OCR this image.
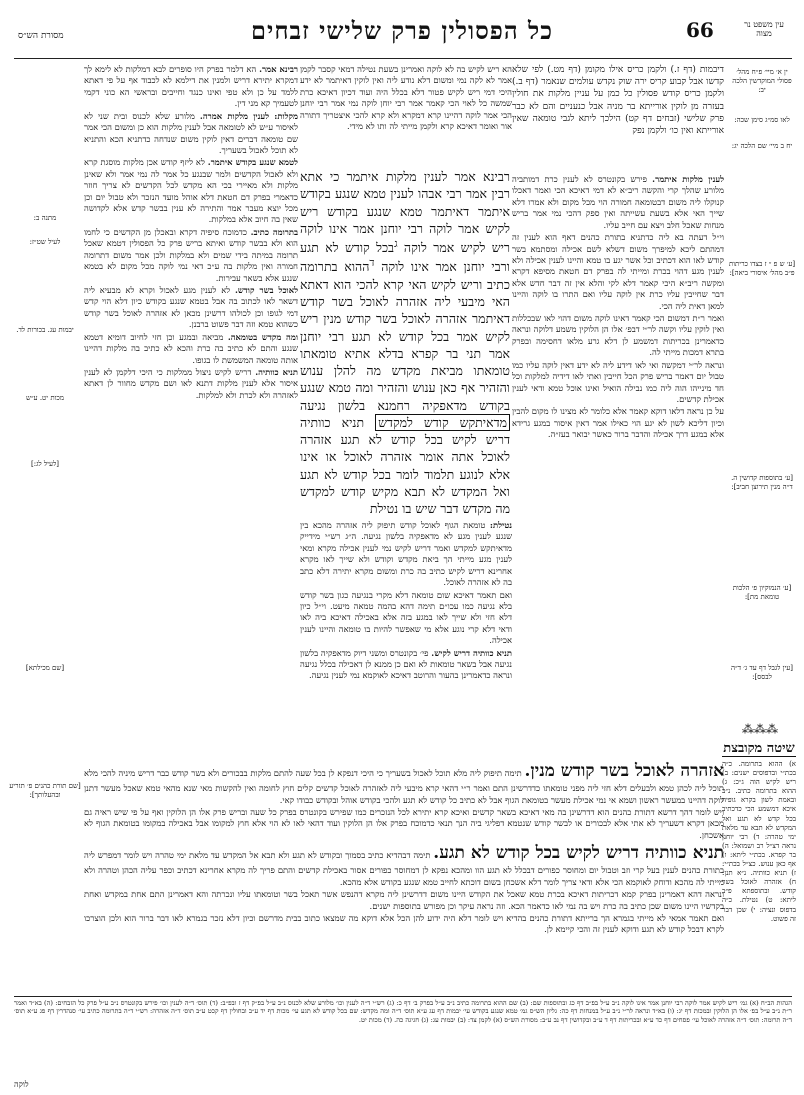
מסורת הש״ס	כל הפסולין פרק שלישי זבחים	66	עין משפט נר מצוה

רבינא אמר. הא דלמר בפרק היו סופרים לבא דמלקות לא לימא לך דמקרא יתירא דריש ולמנין את דילמא לא לכבוד אף על פי דאתא ללמד על כן ולא טפי ואינו כנגד וחייבים ובראשי הא כוני דקמי לטעמיך קא מני דין.

מקלות: לענין מלקות אמרה. מלורע שלא לכנוס ובית שני לא לאיסור ע״ש לא לטומאה אבל לענין מלקות הוא כן ומשום הכי אמר שם טומאה דברים דאין לוקין משום שנדחה כדתניא הכא והתניא לא תוכל לאכול בשעריך.

לטמא שנגע בקודש איתמר. לא ליזף קודש אכן מלקות מוסגת קרא ולא לאכול הקדשים ולמר שבנגע כל אמר לה נמי אמר ולא שאינן מלקות ולא מאיירי בכי הא מקדש לכל הקדשים לא צריך חוזר כדאמרי בפרק דם חטאת דלא אוהל מועד הנזכר ולא טבול יום וכן מכל יוצא מעבר אמר והתירה לא ענין בבשר קדש אלא לקדושה שאין בה חיוב אלא במלקות.

בתרומה כתיב. כדמוכח סיפיה דקרא ובאכלן מן הקדשים כי לחמו הוא ולא בבשר קודש ואיתא בריש פרק כל הפסולין דטמא שאכל תרומה במיתה בידי שמים ולא במלקות ולכן אמר משום דתרומה חמורה ואין מלקות בה ע״כ דאי נמי לוקה מכל מקום לא בטמא שנגע אלא בשאר עבירות.

לאוכל בשר קודש. לא לענין מגע לאכול וקרא לא מבעיא ליה דשאר לאו לכתוב בה אבל בטמא שנגע בקודש כיון דלא הוי קדש דמי לגופו וכן לכולהו דרשינן מכאן לא אזהרה לאוכל בשר קודש כשהוא טמא וזה דבר פשוט ברבנן.

ומה מקדש בטומאה. מביאה ובמגע וכן חזי לחיוב דומיא דטמא שנגע והתם לא כתיב בה כרת והכא לא כתיב בה מלקות דהיינו אותה טומאה המשמשת לו בגופו.

תניא כוותיה. דריש לקיש ניצול ממלקות כי היכי דלקמן לא לענין איסור אלא לענין מלקות דתנא לאו ושם מקדש מחוור לן דאתא לאזהרה ולא לכרת ולא למלקות.

הא ריש לקיש בה לא לוקה ואמרינן בשעת נטילה דמאי קסבר לקמן אמר לא לקה נמי ומשום דלא נודע ליה ואין לוקין דאיתמר לא ידע היכי דמי ריש לקיש פטור דלא בכלל היה ועוד דכיון דאיכא כרת שמשה כל לאוי הכי קאמר אמר רבי יוחן לוקה נמי אמר רבי יוחנן הכי אמר לוקה דהיינו קרא דמקרא ולא קרא להכי איצטריך דתורה אור ואומר דאיכא קרא ולקמן מייתי לה ותו לא מידי.
דיבמות (דף ז.) ולקמן כריס אילו מקומן (דף מט.) לפי שלא קדשו אבל קבוע קריס ירה שוק נקדש עולמים שנאמר (דף ב.) ולקמן כריס קודש פסולין כל כמן על עניין מלקות את חולין בעזרה מן לוקין אורייתא בר מניה אבל כנעניים והם לא כבר פרק שלישי (זבחים דף קט) הילכך ליתא לגבי טומאה שאין אורייתא ואין כו׳ ולקמן נפק

לענין מלקות איתמר. פירש בקונטרס לא לענין כרת דמותביה מלורע שהלך קרי והקשה ריב״א לא דמי דאיכא הכי ואמר דאכלו קנוקלו ליה משום דבטומאה חמורה הוי מכל מקום ולא אמרו דלא שייך האי אלא בשעת עשייתה ואין ספק דהכי נמי אמר בריש מנחות שאכל חלב ויצא עם חייב עליו.

וי״ל דעתה בא ליה כדתניא בתורת כהנים דאף הוא לענין זה דמהתם ליכא למיפרך משום דשלא לשם אכילה ומסתמא בשר קודש לאו הוא דכתיב וכל אשר יגע בו טמא והיינו לענין אכילה ולא לענין מגע דהוי בכרת ומייתי לה בפרק דם חטאת מסיפא דקרא ומקשה ריב״א היכי קאמר דלא לקי והלא אין זה דבר חדש אלא דבר שחייבין עליו כרת אין לוקה עליו ואם התרו בו לוקה והיינו למאן דאית ליה הכי.

ואמר ר״ת דמשום הכי קאמר דאינו לוקה משום דהוי לאו שבכללות ואין לוקין עליו וקשה לר״י דבפ׳ אלו הן הלוקין משמע דלוקה ונראה כדאמרינן בכריתות דמשמע לן דלא גרע מלאו דחסימה ובפרק בתרא דמכות מייתי לה.

ונראה לר״י דמקשה ואי לאו דידע ליה לא ידע דאין לוקה עליו כמו טבול יום דאמר בריש פרק הכל חייבין ואתי לאו דידיה למלקות וכל חד מינייהו הוה ליה כמו נבילה הואיל ואינו אוכל טמא ודאי לענין אכילת קדשים.

על כן נראה דלאו דוקא קאמר אלא כלומר לא מצינו לו מקום להבין וכיון דליכא לשון לא יגע הוי כאילו אמר דאין איסור במגע גרידא אלא במגע דרך אכילה והדבר ברור כאשר יבואר בעז״ה.

רבינא אמר לענין מלקות איתמר כי אתא רבין אמר רבי אבהו לענין טמא שנגע בקודש איתמר דאיתמר טמא שנגע בקודש ריש לקיש אמר לוקה רבי יוחנן אמר אינו לוקה ריש לקיש אמר לוקה $^ג$בכל קודש לא תגע ורבי יוחנן אמר אינו לוקה $^ד$ההוא בתרומה כתיב וריש לקיש האי קרא להכי הוא דאתא האי מיבעי ליה אזהרה לאוכל בשר קודש דאיתמר אזהרה לאוכל בשר קודש מנין ריש לקיש אמר בכל קודש לא תגע רבי יוחנן אמר תני בר קפרא בדלא אתיא טומאתו טומאתו מביאת מקדש מה להלן ענוש והזהיר אף כאן ענוש והזהיר ומה טמא שנגע בקודש מדאפקיה רחמנא בלשון נגיעה מדאיתקש קודש למקדש תניא כוותיה דריש לקיש בכל קודש לא תגע אזהרה לאוכל אתה אומר אזהרה לאוכל או אינו אלא לנוגע תלמוד לומר בכל קודש לא תגע ואל המקדש לא תבא מקיש קודש למקדש מה מקדש דבר שיש בו נטילת

נטילת: טומאת הגוף לאוכל קודש תיפוק ליה אזהרה מהכא בין שנגע לענין מגע לא מדאפקיה בלשון נגיעה. ה״ג רש״י מידייק מדאיתקש למקדש ואמר דריש לקיש נמי לענין אכילה מקרא ומאי לענין מגע מייתי הך ביאת מקדש וקודש ולא שייך לאו מקרא אחרינא דריש לקיש כתיב בה כרת ומשום מקרא יתירה דלא כתב בה לא אזהרה לאוכל.

ואם תאמר דאיכא שום טומאה דלא מקרי בנגיעה כגון בשר קודש בלא נגיעה כמו עכו״ם תימה דהא בהמה טמאה מיעט. וי״ל כיון דלא חזי ולא שייך לאו במגע בזה אלא באכילה דאיכא ביה לאו ודאי דלא קרי נוגע אלא מי שאפשר להיות בו טומאה והיינו לענין אכילה.

תניא כוותיה דריש לקיש. פי׳ בקונטרס ומשני דיוק מדאפקיה בלשון נגיעה אבל בשאר טומאות לא ואם כן ממנא לן דאכילה בכלל נגיעה ונראה כדאמרינן בהעור והרוטב דאיכא לאוקמא נמי לענין נגיעה.

אזהרה לאוכל בשר קודש מנין. תימה תיפוק ליה מלא תוכל לאכול בשעריך כי היכי דנפקא לן בכל שעה להתם מלקות בבכורים ולא בשר קודש כבר דריש מיניה להכי מלא תוכל ליה לכהן טמא ולבעלים דלא חזי ליה מפני טומאתו כדדרשינן התם ואמר ר״י דהאי קרא מיבעי ליה לאזהרה לאוכל קדשים קלים חוץ לחומה ואין להקשות מאי שנא מהאי טמא שאכל מעשר דתנן לוקה דהיינו במעשר ראשון ושמא אי נמי אכילת מעשר בטומאת הגוף אבל לא כתיב כל קודש לא תגע ולהכי בקודש אוהל ובקודש כבודו קאי.

ויש לומר דהך דרשא דתורת כהנים הוא דדרשינן בה מאי דאיכא בשאר קדשים ואיכא קרא יתירא לכל הנזכרים כמו שפירש בקונטרס בפרק כל שעה ובריש פרק אלו הן הלוקין ואף על פי שיש ראיה גם מכאן דקרא דשעריך לא אתי אלא לבכורים או לבשר קודש שנטמא דפליגי ביה הנך תנאי כדמוכח בפרק אלו הן הלוקין ועוד דהאי לאו לא הוי אלא חוץ למקומו אבל באכילה במקומו בטומאת הגוף לא אשכחן.

תניא כוותיה דריש לקיש בכל קודש לא תגע. תימה דבהדיא כתיב בסמוך ובקודש לא תגע ולא תבא אל המקדש עד מלאת ימי טהרה ויש לומר דמפרש ליה בתורת כהנים לענין בעל קרי וזב וטבול יום ומחוסר כפורים דבכלל לא תגע הוו ומהכא נפקא לן דמחוסר כפורים אסור באכילת קדשים והתם פריך לה מקרא אחרינא דכתיב וכפר עליה הכהן וטהרה ולא מייתי לה מהכא ודוחק לאוקמא הכי אלא ודאי צריך לומר דלא אשכחן בשום דוכתא לחייב טמא שנגע בקודש אלא מהכא.

ונראה דהא דאמרינן בפרק קמא דכריתות דאיכא בכרת טמא שאכל את הקודש היינו משום דדרשינן ליה מקרא דהנפש אשר תאכל בשר וטומאתו עליו ונכרתה והא דאמרינן התם אחת במקדש ואחת בקדשיו היינו משום שכן כתיב בה כרת ויש בה נמי לאו כדאמר הכא. וזה נראה עיקר וכן מפורש בתוספות ישנים.

ואם תאמר אמאי לא מייתי בגמרא הך ברייתא דתורת כהנים בהדיא ויש לומר דלא היה ידוע להן הכל אלא דוקא מה שמצאו כתוב בבית מדרשם וכיון דלא נזכר בגמרא לאו דבר ברור הוא ולכן הוצרכו לקרא דבכל קודש לא תגע ודוקא לענין זה והכי קיימא לן.

ין א׳ מיי׳ פ״ח מהל׳ פסולי המוקדשין הלכה יב:
לאו סמ״ג סימן שכה:
יח ב מיי׳ שם הלכה יג:
[ע׳ ש פ ״ ז בצדו כריתות פ״ב מהל׳ איסורי ביאה]:
[ע׳ בתוספות קדושין ה. ד״ה מנין תירוצן חביב]:
[ע׳ הנמוקיון פ׳ הלכות טומאת מת]:
[עין לגבל דף עד ג׳ ד״ה לבסס]:
⁂⁂⁂
שיטה מקובצת
א) ההוא בתרומה. כ״ה בכת״י ובדפוסים ישנים: ב) ריש לקיש הוה ג״כ: ג) ההוא בתרומה כתיב. נ״ב ובאמת לשון בקרא גופיה איכא דמשמע הכי כדכתיב בכל קדש לא תגע ואל המקדש לא תבא עד מלאת ימי טהרה: ד) רבי יוחנן נראה דצ״ל רב ושמואל: ה) בר קפרא. בכת״י ליתא: ו) אף כאן ענוש. כצ״ל בכת״י: ז) תניא כוותיה. נ״א תנן: ח) אזהרה לאוכל בשר קודש. ובתוספתא פ״ב ליתא: ט) נטילת. כ״ה בדפוס ונציה: י) שכן דבר זה פשוט.
מתנה ב:
לעיל שט״ז:
יבמות עג. בכורות לד.
מכות יט. ע״ש
[לעיל לג:]
[שם מכילתא]
[שם תורת כהנים פ׳ תזריע ובהעלותך]:
הגהות הב״ח (א) גמ׳ ריש לקיש אמר לוקה רבי יוחנן אמר אינו לוקה נ״ב ע״ל בפ״ב דף כג ובתוספות שם: (ב) שם ההוא בתרומה כתיב נ״ב ע״ל בפרק ב׳ דף כ: (ג) רש״י ד״ה לענין וכו׳ מלורע שלא לכנוס נ״ב ע״ל בפ״ק דף ז ובפ״ב: (ד) תוס׳ ד״ה לענין וכו׳ פירש בקונטרס נ״ב ע״ל פרק כל הזבחים: (ה) בא״ד ואמר ר״ת נ״ב ע״ל בפ׳ אלו הן הלוקין ובמכות דף יג: (ו) בא״ד ונראה לר״י נ״ב ע״ל במנחות דף כה: גליון הש״ס גמ׳ טמא שנגע בקודש עי׳ יבמות דף עג ע״א תוס׳ ד״ה ומה מקדש: שם בכל קודש לא תגע עי׳ מכות דף יד ע״ב ובחולין דף קכט ע״ב תוס׳ ד״ה אזהרה: רש״י ד״ה בתרומה כתיב עי׳ סנהדרין דף פג ע״א תוס׳ ד״ה תרומה: תוס׳ ד״ה אזהרה לאוכל עי׳ פסחים דף כד ע״א ובכריתות דף ד ע״ב ובקדושין דף נב ע״ב: מסורת הש״ס (א) לקמן צד: (ב) יבמות עג: (ג) חגיגה כה. (ד) מכות יט.
לוקה
